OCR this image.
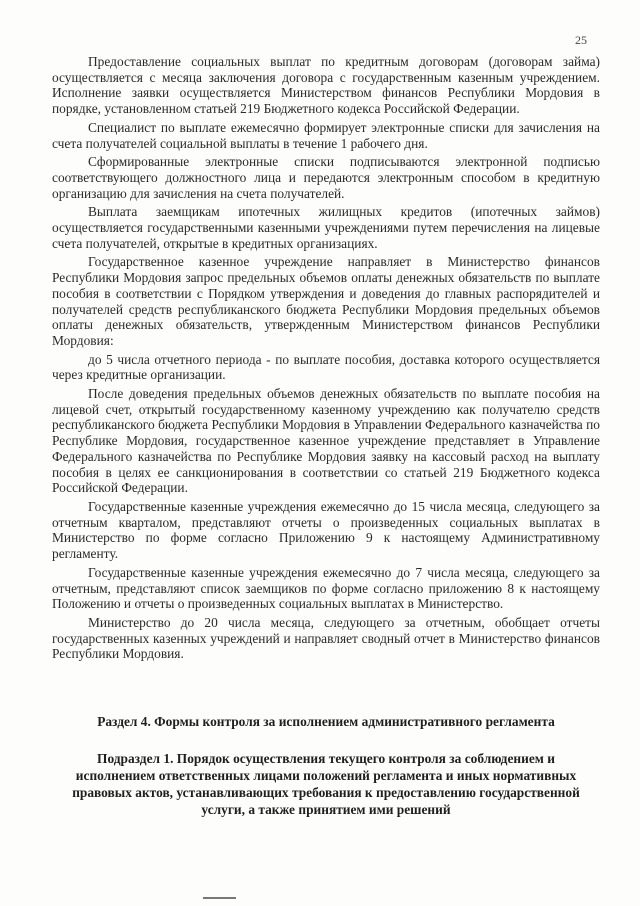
25

Предоставление социальных выплат по кредитным договорам (договорам займа) осуществляется с месяца заключения договора с государственным казенным учреждением. Исполнение заявки осуществляется Министерством финансов Республики Мордовия в порядке, установленном статьей 219 Бюджетного кодекса Российской Федерации.

Специалист по выплате ежемесячно формирует электронные списки для зачисления на счета получателей социальной выплаты в течение 1 рабочего дня.

Сформированные электронные списки подписываются электронной подписью соответствующего должностного лица и передаются электронным способом в кредитную организацию для зачисления на счета получателей.

Выплата заемщикам ипотечных жилищных кредитов (ипотечных займов) осуществляется государственными казенными учреждениями путем перечисления на лицевые счета получателей, открытые в кредитных организациях.

Государственное казенное учреждение направляет в Министерство финансов Республики Мордовия запрос предельных объемов оплаты денежных обязательств по выплате пособия в соответствии с Порядком утверждения и доведения до главных распорядителей и получателей средств республиканского бюджета Республики Мордовия предельных объемов оплаты денежных обязательств, утвержденным Министерством финансов Республики Мордовия:

до 5 числа отчетного периода - по выплате пособия, доставка которого осуществляется через кредитные организации.

После доведения предельных объемов денежных обязательств по выплате пособия на лицевой счет, открытый государственному казенному учреждению как получателю средств республиканского бюджета Республики Мордовия в Управлении Федерального казначейства по Республике Мордовия, государственное казенное учреждение представляет в Управление Федерального казначейства по Республике Мордовия заявку на кассовый расход на выплату пособия в целях ее санкционирования в соответствии со статьей 219 Бюджетного кодекса Российской Федерации.

Государственные казенные учреждения ежемесячно до 15 числа месяца, следующего за отчетным кварталом, представляют отчеты о произведенных социальных выплатах в Министерство по форме согласно Приложению 9 к настоящему Административному регламенту.

Государственные казенные учреждения ежемесячно до 7 числа месяца, следующего за отчетным, представляют список заемщиков по форме согласно приложению 8 к настоящему Положению и отчеты о произведенных социальных выплатах в Министерство.

Министерство до 20 числа месяца, следующего за отчетным, обобщает отчеты государственных казенных учреждений и направляет сводный отчет в Министерство финансов Республики Мордовия.

Раздел 4. Формы контроля за исполнением административного регламента
Подраздел 1. Порядок осуществления текущего контроля за соблюдением и исполнением ответственных лицами положений регламента и иных нормативных правовых актов, устанавливающих требования к предоставлению государственной услуги, а также принятием ими решений
